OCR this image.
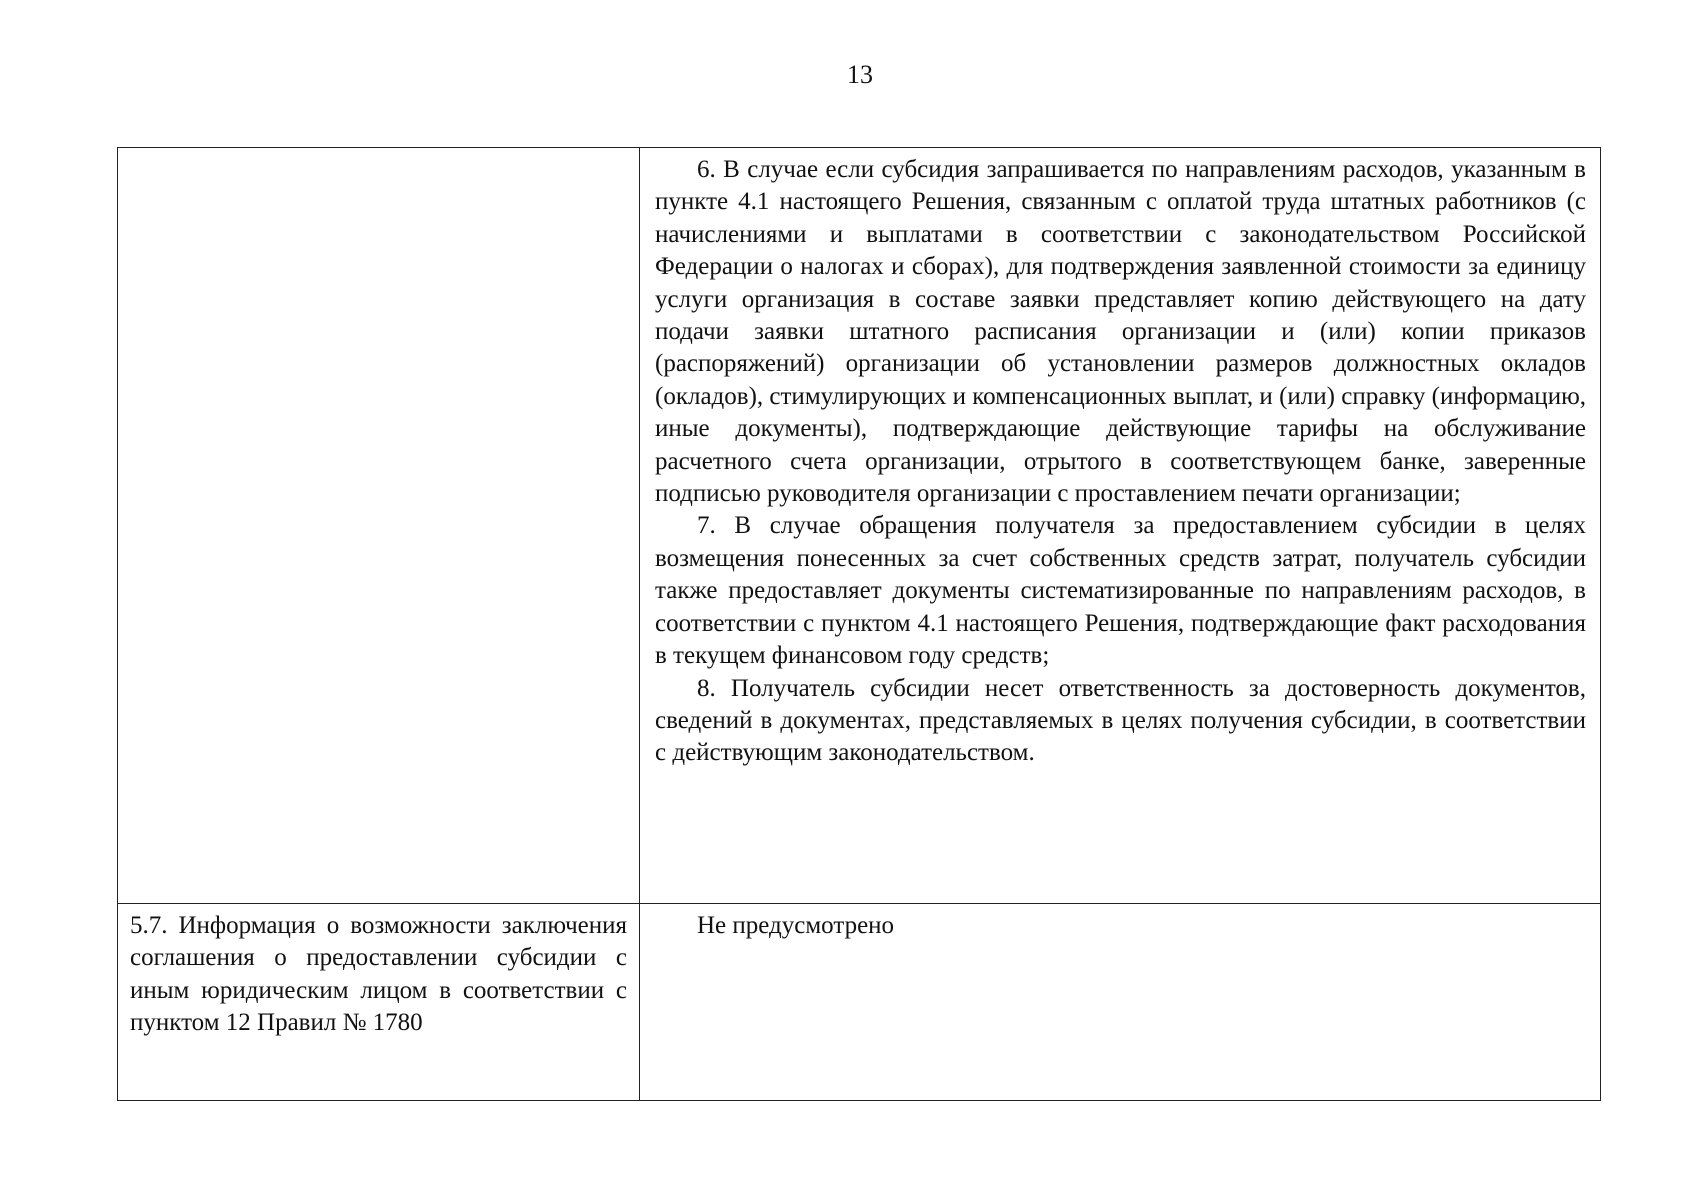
13

	6. В случае если субсидия запрашивается по направлениям расходов, указанным в пункте 4.1 настоящего Решения, связанным с оплатой труда штатных работников (с начислениями и выплатами в соответствии с законодательством Российской Федерации о налогах и сборах), для подтверждения заявленной стоимости за единицу услуги организация в составе заявки представляет копию действующего на дату подачи заявки штатного расписания организации и (или) копии приказов (распоряжений) организации об установлении размеров должностных окладов (окладов), стимулирующих и компенсационных выплат, и (или) справку (информацию, иные документы), подтверждающие действующие тарифы на обслуживание расчетного счета организации, отрытого в соответствующем банке, заверенные подписью руководителя организации с проставлением печати организации;

7. В случае обращения получателя за предоставлением субсидии в целях возмещения понесенных за счет собственных средств затрат, получатель субсидии также предоставляет документы систематизированные по направлениям расходов, в соответствии с пунктом 4.1 настоящего Решения, подтверждающие факт расходования в текущем финансовом году средств;

8. Получатель субсидии несет ответственность за достоверность документов, сведений в документах, представляемых в целях получения субсидии, в соответствии с действующим законодательством.

5.7. Информация о возможности заключения соглашения о предоставлении субсидии с иным юридическим лицом в соответствии с пунктом 12 Правил № 1780	Не предусмотрено
